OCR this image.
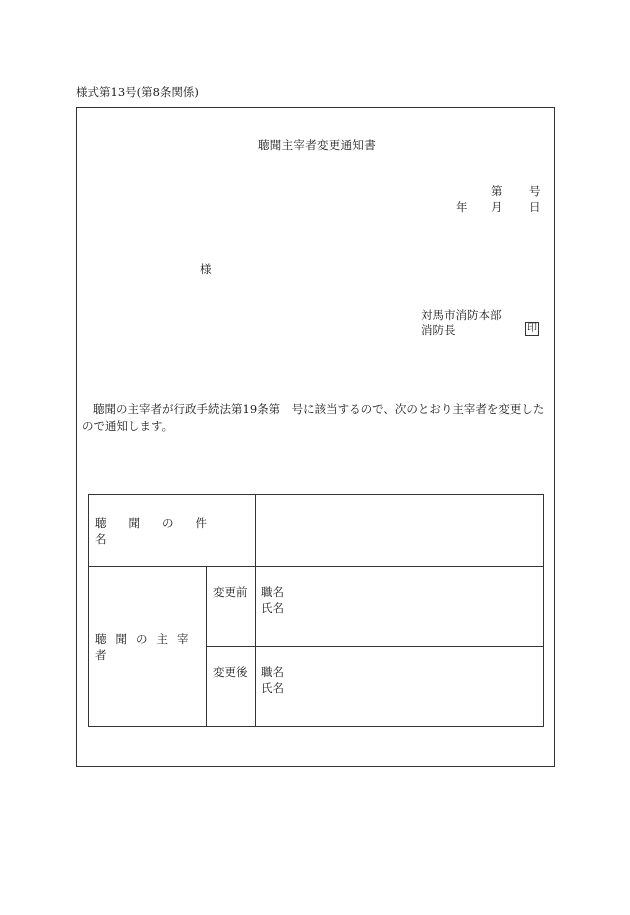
様式第13号(第8条関係)
聴聞主宰者変更通知書
第 号
年 月 日
様
対馬市消防本部
消防長	印
聴聞の主宰者が行政手続法第19条第　号に該当するので、次のとおり主宰者を変更したので通知します。
聴聞の件名		
聴聞の主宰者	変更前	職名
氏名

	変更後	職名
氏名
